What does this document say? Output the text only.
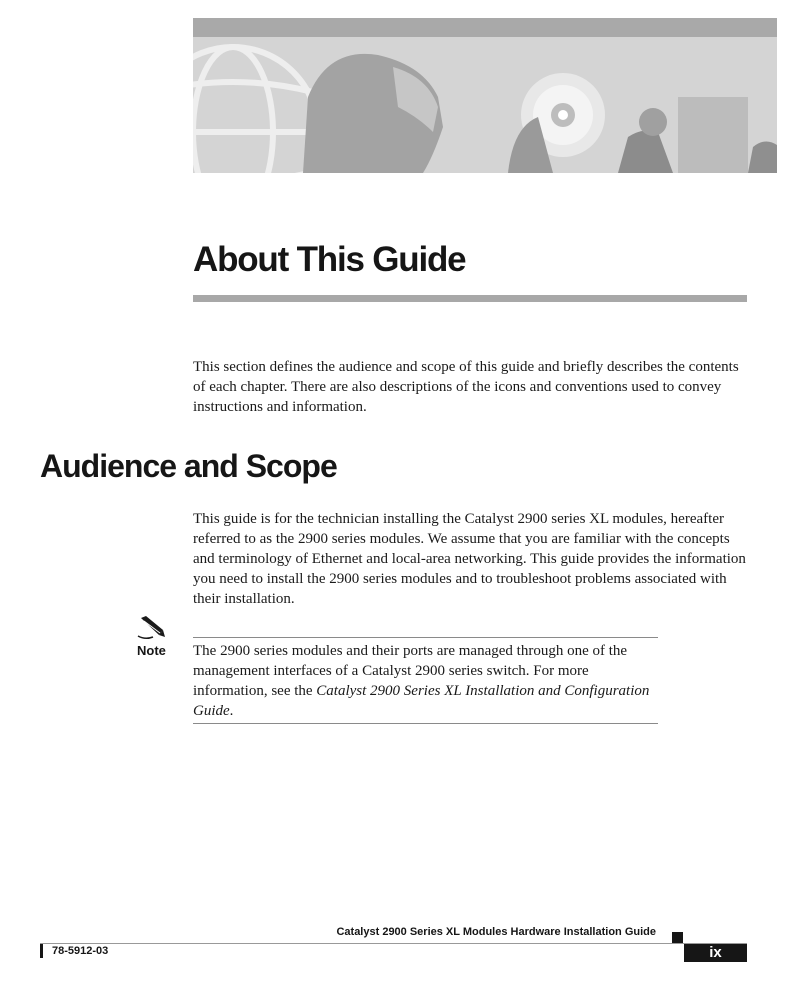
About This Guide

This section defines the audience and scope of this guide and briefly describes the contents of each chapter. There are also descriptions of the icons and conventions used to convey instructions and information.

Audience and Scope

This guide is for the technician installing the Catalyst 2900 series XL modules, hereafter referred to as the 2900 series modules. We assume that you are familiar with the concepts and terminology of Ethernet and local-area networking. This guide provides the information you need to install the 2900 series modules and to troubleshoot problems associated with their installation.

Note The 2900 series modules and their ports are managed through one of the management interfaces of a Catalyst 2900 series switch. For more information, see the Catalyst 2900 Series XL Installation and Configuration Guide.

Catalyst 2900 Series XL Modules Hardware Installation Guide
78-5912-03	ix
